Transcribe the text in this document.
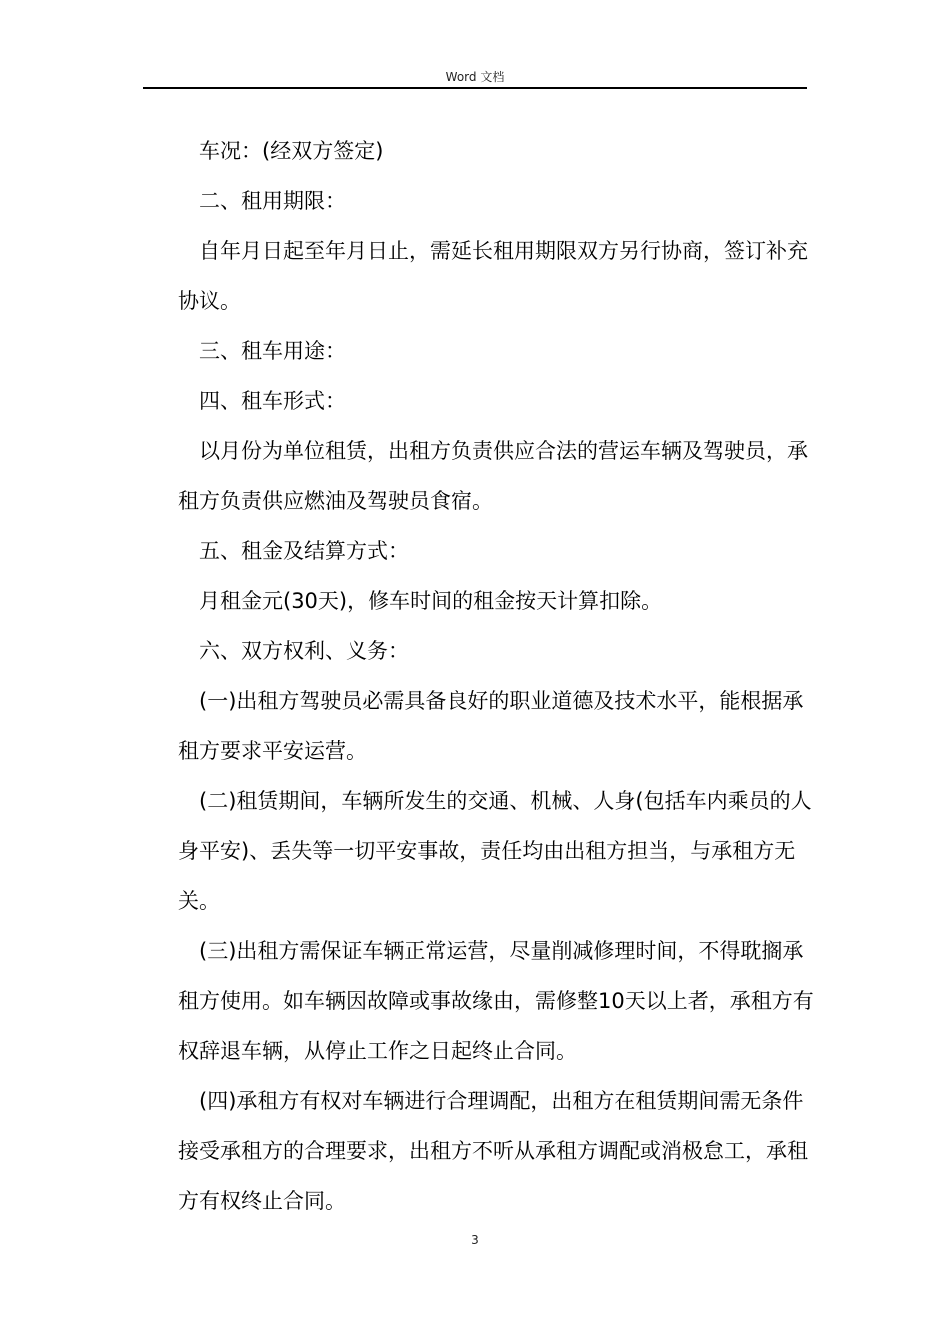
Word 文档

车况：(经双方签定)

二、租用期限：

自年月日起至年月日止，需延长租用期限双方另行协商，签订补充协议。

三、租车用途：

四、租车形式：

以月份为单位租赁，出租方负责供应合法的营运车辆及驾驶员，承租方负责供应燃油及驾驶员食宿。

五、租金及结算方式：

月租金元(30天)，修车时间的租金按天计算扣除。

六、双方权利、义务：

(一)出租方驾驶员必需具备良好的职业道德及技术水平，能根据承租方要求平安运营。

(二)租赁期间，车辆所发生的交通、机械、人身(包括车内乘员的人身平安)、丢失等一切平安事故，责任均由出租方担当，与承租方无关。

(三)出租方需保证车辆正常运营，尽量削减修理时间，不得耽搁承租方使用。如车辆因故障或事故缘由，需修整10天以上者，承租方有权辞退车辆，从停止工作之日起终止合同。

(四)承租方有权对车辆进行合理调配，出租方在租赁期间需无条件接受承租方的合理要求，出租方不听从承租方调配或消极怠工，承租方有权终止合同。

3
